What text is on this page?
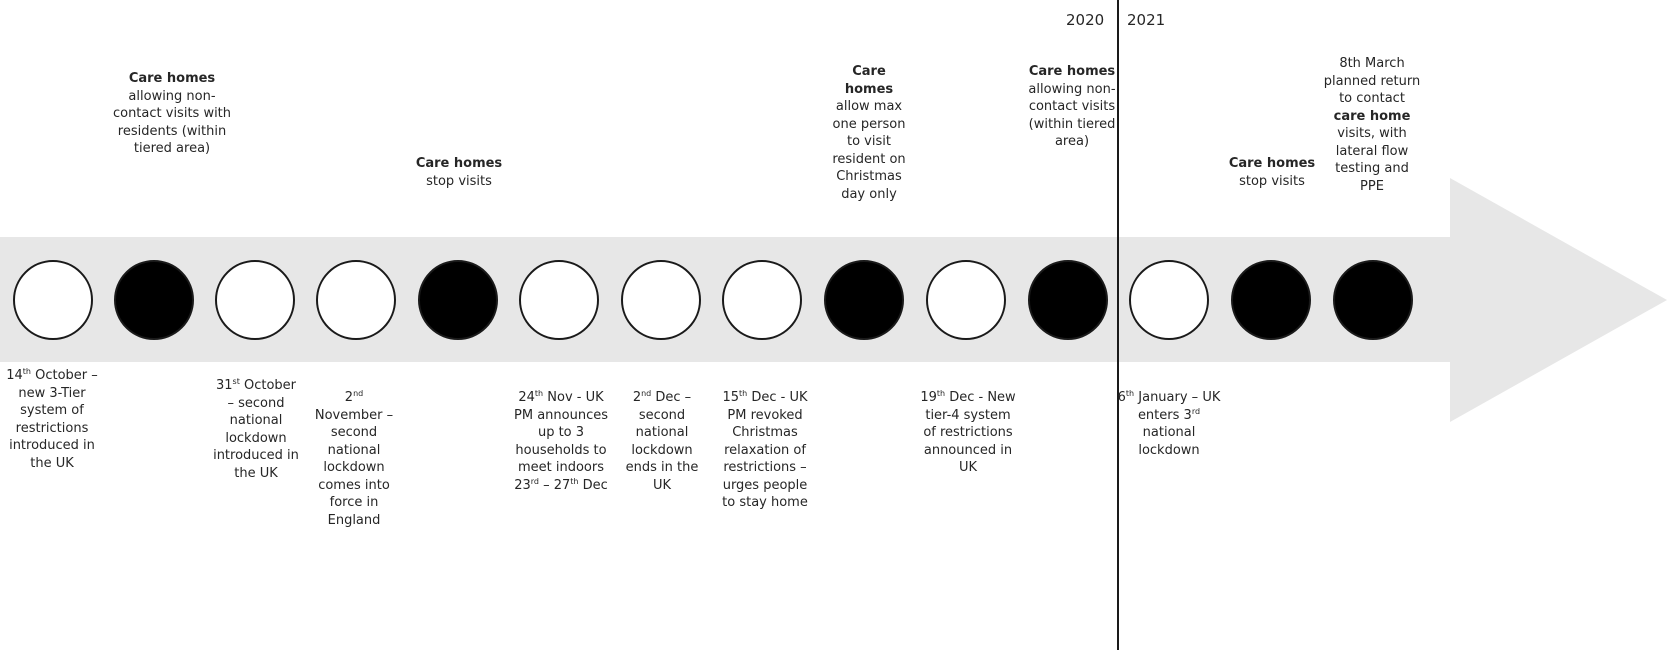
2020 2021
Care homes
allowing non-contact visits with residents (within tiered area)
Care homes
stop visits
Care homes
allow max one person to visit resident on Christmas day only
Care homes
allowing non-contact visits (within tiered area)
Care homes
stop visits
8th March planned return to contact care home visits, with lateral flow testing and PPE
14th October – new 3-Tier system of restrictions introduced in the UK
31st October – second national lockdown introduced in the UK
2nd November – second national lockdown comes into force in England
24th Nov - UK PM announces up to 3 households to meet indoors 23rd – 27th Dec
2nd Dec – second national lockdown ends in the UK
15th Dec - UK PM revoked Christmas relaxation of restrictions – urges people to stay home
19th Dec - New tier-4 system of restrictions announced in UK
6th January – UK enters 3rd national lockdown
